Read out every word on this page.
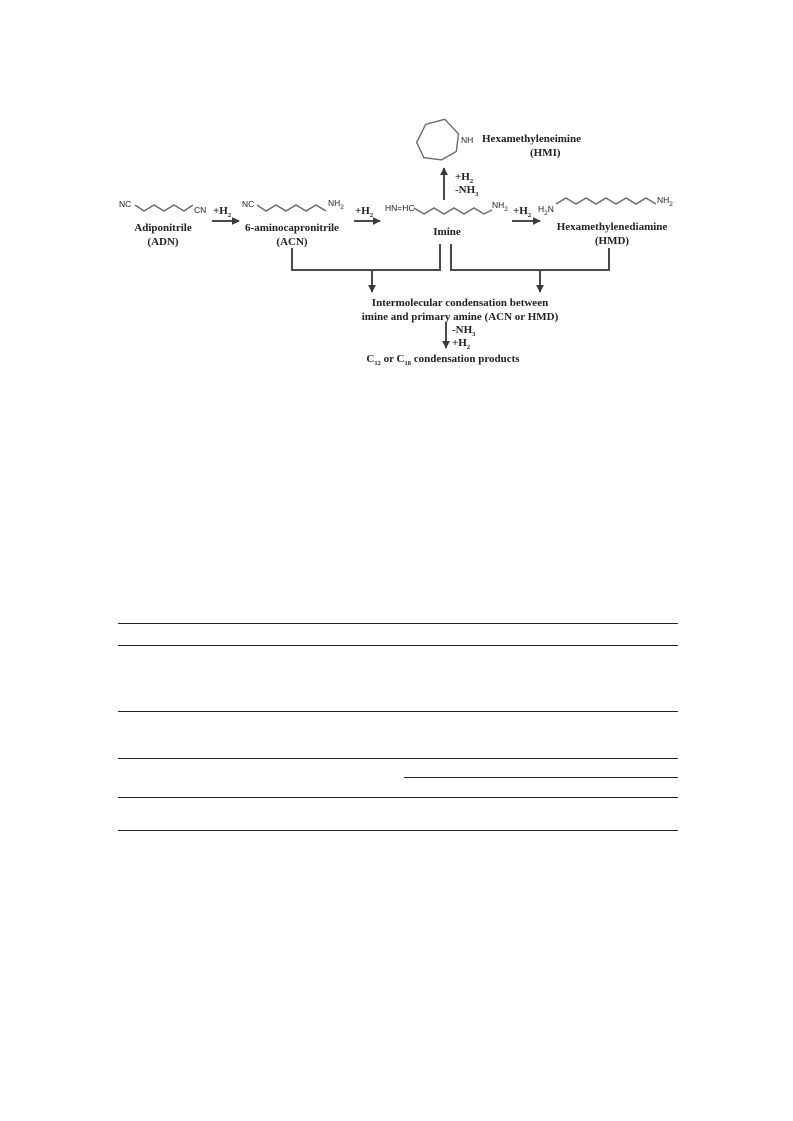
NH Hexamethyleneimine
(HMI)
$+H_2$
$-NH_3$
NC
CN
Adiponitrile
(ADN)
$+H_2$
NC	$NH_2$
6-aminocapronitrile
(ACN)
$+H_2$
HN=HC	$NH_2$
Imine
$+H_2$
$H_2N$
$NH_2$
Hexamethylenediamine
(HMD)
Intermolecular condensation between
imine and primary amine (ACN or HMD)
$-NH_3$
$+H_2$
$C_{12}$ or $C_{18}$ condensation products
